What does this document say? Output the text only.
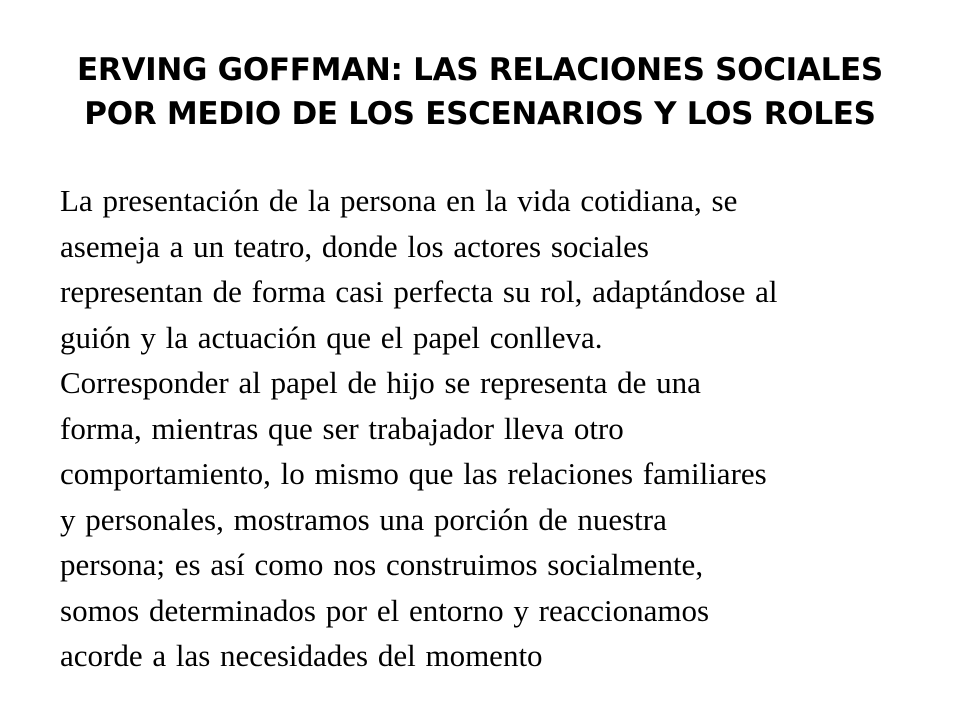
ERVING GOFFMAN: LAS RELACIONES SOCIALES
POR MEDIO DE LOS ESCENARIOS Y LOS ROLES
La presentación de la persona en la vida cotidiana, se
asemeja a un teatro, donde los actores sociales
representan de forma casi perfecta su rol, adaptándose al
guión y la actuación que el papel conlleva.
Corresponder al papel de hijo se representa de una
forma, mientras que ser trabajador lleva otro
comportamiento, lo mismo que las relaciones familiares
y personales, mostramos una porción de nuestra
persona; es así como nos construimos socialmente,
somos determinados por el entorno y reaccionamos
acorde a las necesidades del momento
